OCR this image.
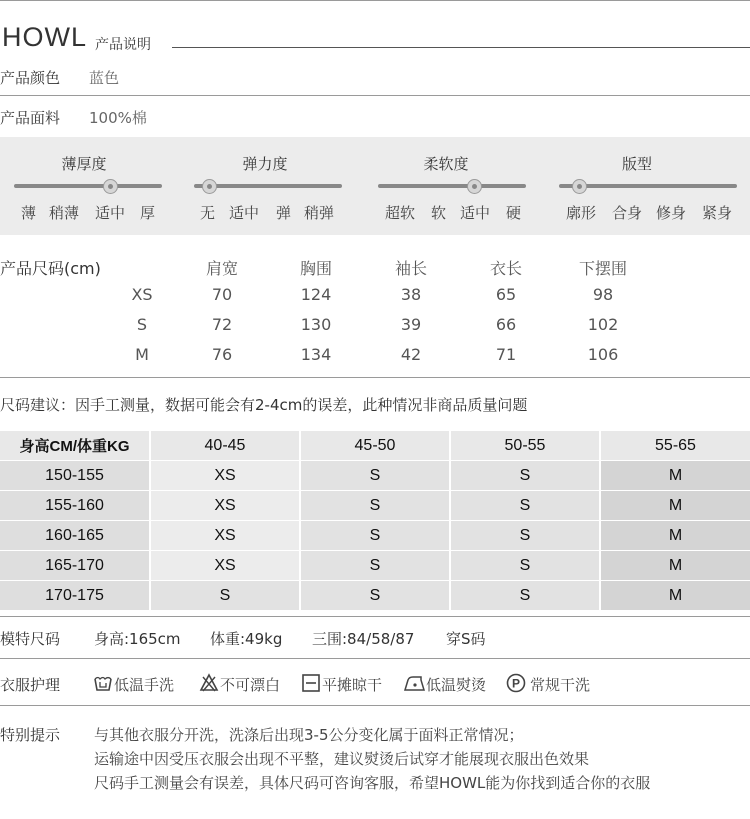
HOWL 产品说明
产品颜色 蓝色
产品面料 100%棉
薄厚度
薄 稍薄 适中 厚
弹力度
无 适中 弹 稍弹
柔软度
超软 软 适中 硬
版型
廓形 合身 修身 紧身
产品尺码(cm)	肩宽	胸围	袖长	衣长	下摆围
XS	70	124	38	65	98
S	72	130	39	66	102
M	76	134	42	71	106
尺码建议：因手工测量，数据可能会有2-4cm的误差，此种情况非商品质量问题
身高CM/体重KG	40-45	45-50	50-55	55-65
150-155	XS	S	S	M
155-160	XS	S	S	M
160-165	XS	S	S	M
165-170	XS	S	S	M
170-175	S	S	S	M
模特尺码 身高:165cm 体重:49kg 三围:84/58/87 穿S码
衣服护理	低温手洗	不可漂白	平摊晾干	低温熨烫 P 常规干洗
特别提示 与其他衣服分开洗，洗涤后出现3-5公分变化属于面料正常情况；
运输途中因受压衣服会出现不平整，建议熨烫后试穿才能展现衣服出色效果
尺码手工测量会有误差，具体尺码可咨询客服，希望HOWL能为你找到适合你的衣服
